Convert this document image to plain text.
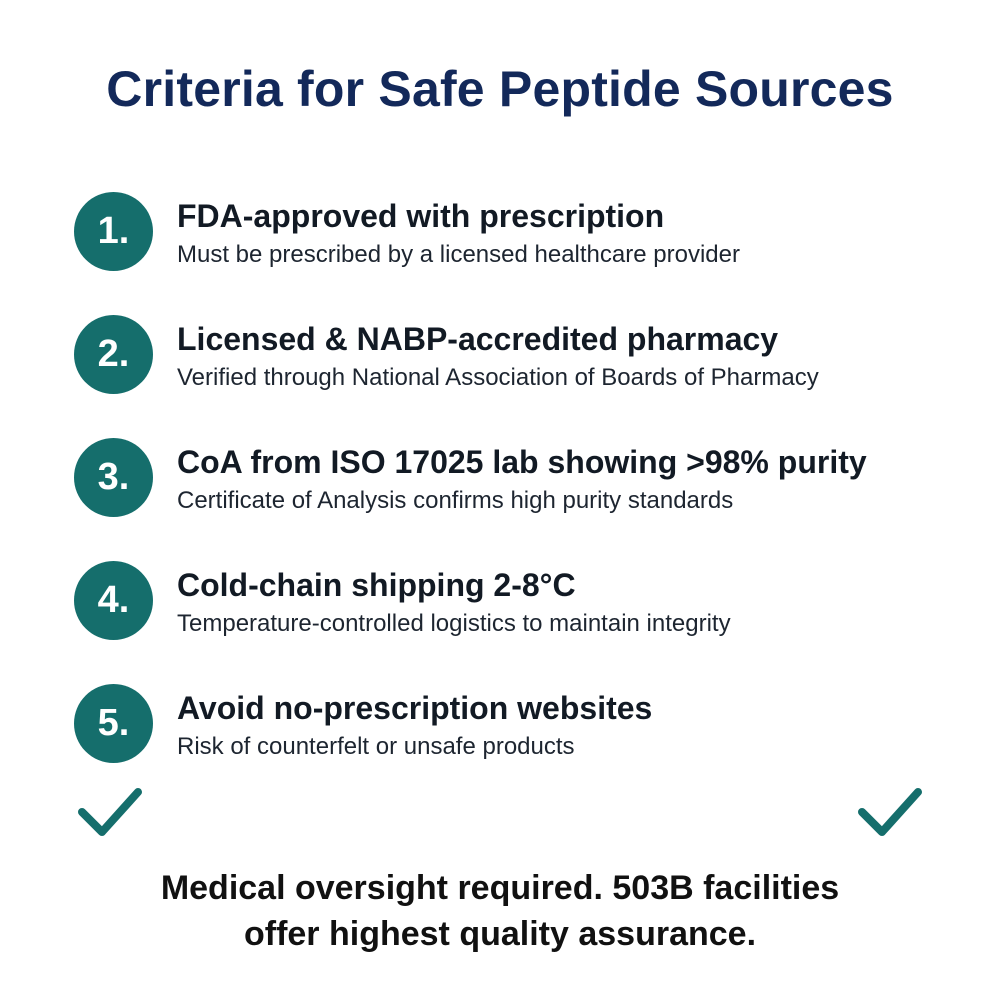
Criteria for Safe Peptide Sources
1.	FDA-approved with prescription
Must be prescribed by a licensed healthcare provider
2.	Licensed & NABP-accredited pharmacy
Verified through National Association of Boards of Pharmacy
3.	CoA from ISO 17025 lab showing >98% purity
Certificate of Analysis confirms high purity standards
4.	Cold-chain shipping 2-8°C
Temperature-controlled logistics to maintain integrity
5.	Avoid no-prescription websites
Risk of counterfelt or unsafe products
Medical oversight required. 503B facilities
offer highest quality assurance.
